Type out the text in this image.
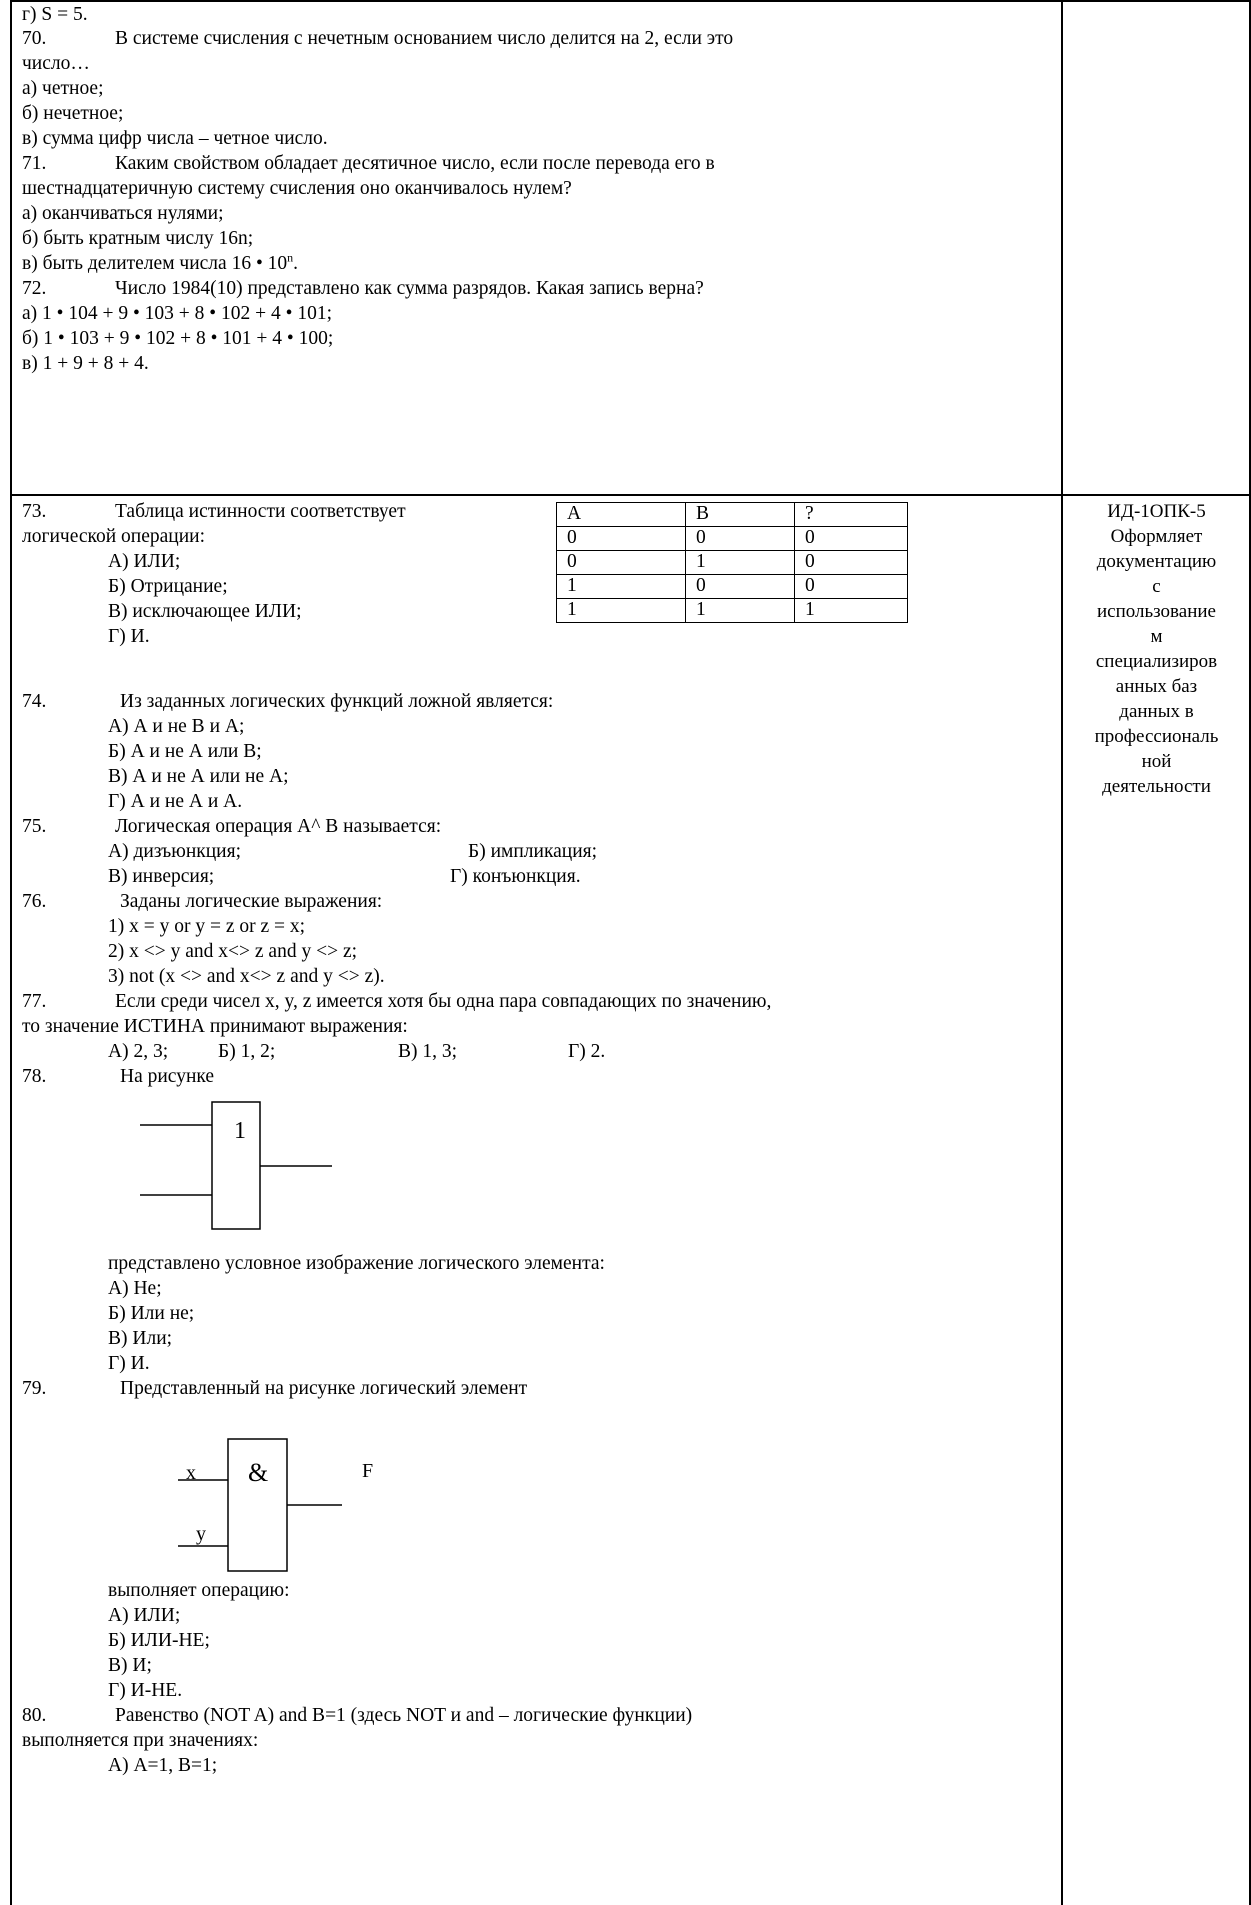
г) S = 5.
70.	В системе счисления с нечетным основанием число делится на 2, если это
число…
а) четное;
б) нечетное;
в) сумма цифр числа – четное число.
71.	Каким свойством обладает десятичное число, если после перевода его в
шестнадцатеричную систему счисления оно оканчивалось нулем?
а) оканчиваться нулями;
б) быть кратным числу 16n;
в) быть делителем числа 16 • 10$^n$.
72.	Число 1984(10) представлено как сумма разрядов. Какая запись верна?
а) 1 • 104 + 9 • 103 + 8 • 102 + 4 • 101;
б) 1 • 103 + 9 • 102 + 8 • 101 + 4 • 100;
в) 1 + 9 + 8 + 4.
73.	Таблица истинности соответствует
логической операции:
А) ИЛИ;
Б) Отрицание;
В) исключающее ИЛИ;
Г) И.
A	B	?
0	0	0
0	1	0
1	0	0
1	1	1
74.	Из заданных логических функций ложной является:
А) А и не В и А;
Б) А и не А или В;
В) А и не А или не А;
Г) А и не А и А.
75.	Логическая операция А^ В называется:
А) дизъюнкция;	Б) импликация;
В) инверсия;	Г) конъюнкция.
76.	Заданы логические выражения:
1) x = y or y = z or z = x;
2) x <> y and x<> z and y <> z;
3) not (x <> and x<> z and y <> z).
77.	Если среди чисел x, y, z имеется хотя бы одна пара совпадающих по значению,
то значение ИСТИНА принимают выражения:
А) 2, 3;	Б) 1, 2;	В) 1, 3;	Г) 2.
78.	На рисунке
1
представлено условное изображение логического элемента:
А) Не;
Б) Или не;
В) Или;
Г) И.
79.	Представленный на рисунке логический элемент
&
x
y
F
выполняет операцию:
А) ИЛИ;
Б) ИЛИ-НЕ;
В) И;
Г) И-НЕ.
80.	Равенство (NOT A) and B=1 (здесь NOT и and – логические функции)
выполняется при значениях:
А) А=1, В=1;
ИД-1ОПК-5
Оформляет
документацию
с
использование
м
специализиров
анных баз
данных в
профессиональ
ной
деятельности
